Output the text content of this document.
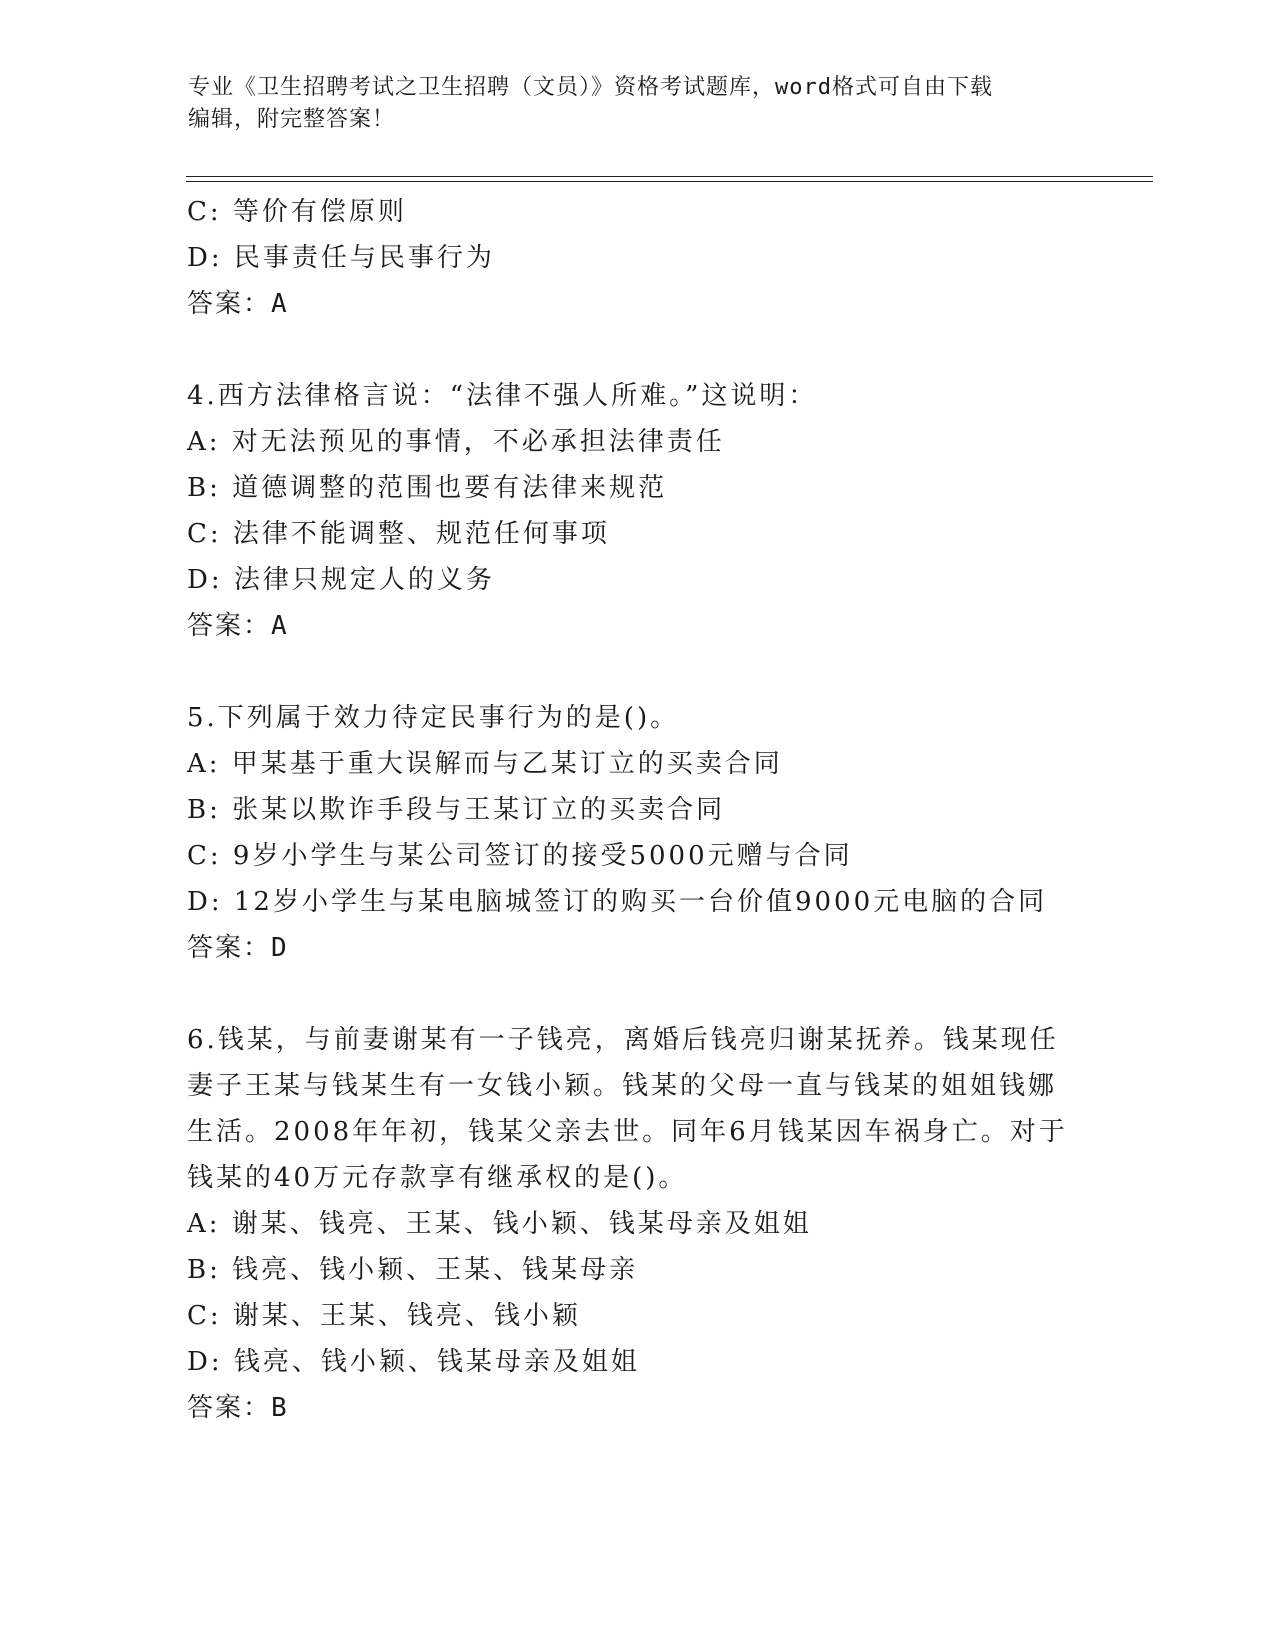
专业《卫生招聘考试之卫生招聘（文员）》资格考试题库，word格式可自由下载

编辑，附完整答案！

C: 等价有偿原则
D: 民事责任与民事行为
答案：A
4.西方法律格言说：“法律不强人所难。”这说明：
A: 对无法预见的事情，不必承担法律责任
B: 道德调整的范围也要有法律来规范
C: 法律不能调整、规范任何事项
D: 法律只规定人的义务
答案：A
5.下列属于效力待定民事行为的是()。
A: 甲某基于重大误解而与乙某订立的买卖合同
B: 张某以欺诈手段与王某订立的买卖合同
C: 9岁小学生与某公司签订的接受5000元赠与合同
D: 12岁小学生与某电脑城签订的购买一台价值9000元电脑的合同
答案：D
6.钱某，与前妻谢某有一子钱亮，离婚后钱亮归谢某抚养。钱某现任
妻子王某与钱某生有一女钱小颖。钱某的父母一直与钱某的姐姐钱娜
生活。2008年年初，钱某父亲去世。同年6月钱某因车祸身亡。对于
钱某的40万元存款享有继承权的是()。
A: 谢某、钱亮、王某、钱小颖、钱某母亲及姐姐
B: 钱亮、钱小颖、王某、钱某母亲
C: 谢某、王某、钱亮、钱小颖
D: 钱亮、钱小颖、钱某母亲及姐姐
答案：B
